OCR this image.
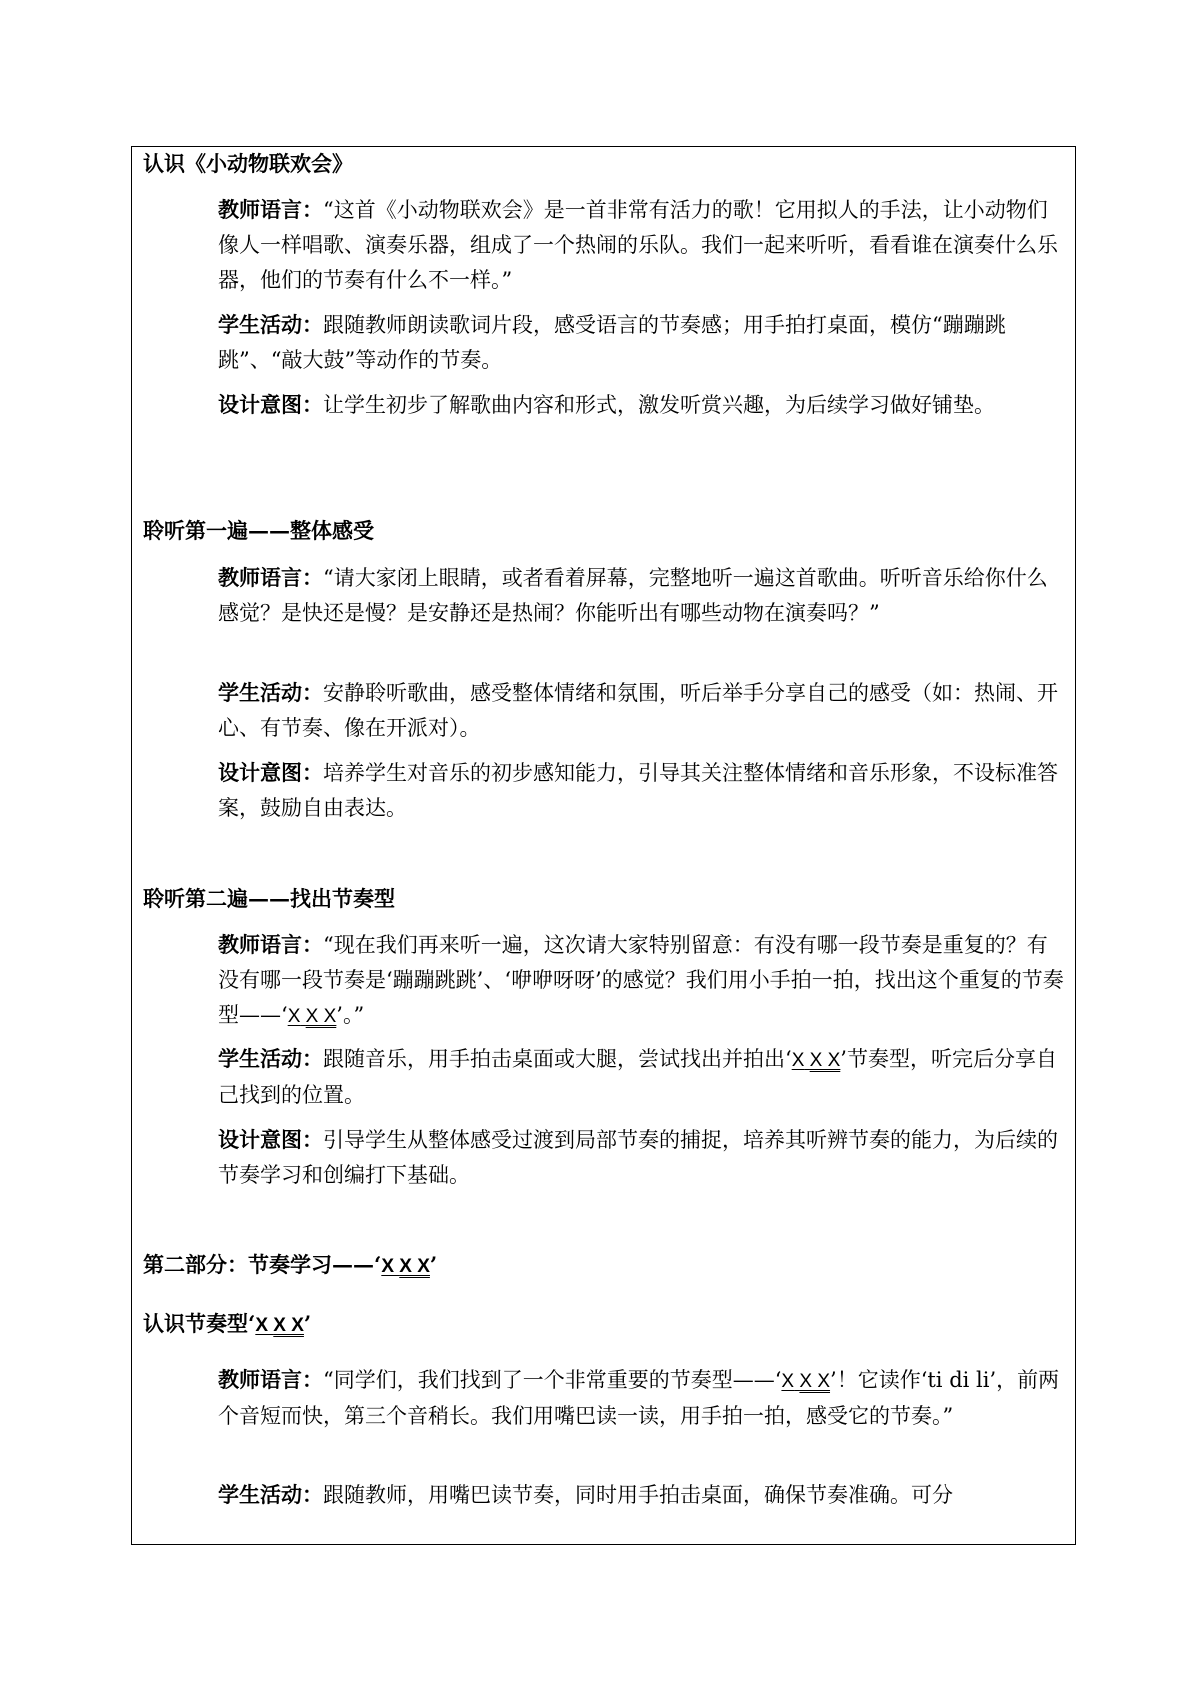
认识《小动物联欢会》
教师语言：“这首《小动物联欢会》是一首非常有活力的歌！它用拟人的手法，让小动物们像人一样唱歌、演奏乐器，组成了一个热闹的乐队。我们一起来听听，看看谁在演奏什么乐器，他们的节奏有什么不一样。”
学生活动：跟随教师朗读歌词片段，感受语言的节奏感；用手拍打桌面，模仿“蹦蹦跳跳”、“敲大鼓”等动作的节奏。
设计意图：让学生初步了解歌曲内容和形式，激发听赏兴趣，为后续学习做好铺垫。
聆听第一遍——整体感受
教师语言：“请大家闭上眼睛，或者看着屏幕，完整地听一遍这首歌曲。听听音乐给你什么感觉？是快还是慢？是安静还是热闹？你能听出有哪些动物在演奏吗？”
学生活动：安静聆听歌曲，感受整体情绪和氛围，听后举手分享自己的感受（如：热闹、开心、有节奏、像在开派对）。
设计意图：培养学生对音乐的初步感知能力，引导其关注整体情绪和音乐形象，不设标准答案，鼓励自由表达。
聆听第二遍——找出节奏型
教师语言：“现在我们再来听一遍，这次请大家特别留意：有没有哪一段节奏是重复的？有没有哪一段节奏是‘蹦蹦跳跳’、‘咿咿呀呀’的感觉？我们用小手拍一拍，找出这个重复的节奏型——‘X X X’。”
学生活动：跟随音乐，用手拍击桌面或大腿，尝试找出并拍出‘X X X’节奏型，听完后分享自己找到的位置。
设计意图：引导学生从整体感受过渡到局部节奏的捕捉，培养其听辨节奏的能力，为后续的节奏学习和创编打下基础。
第二部分：节奏学习——‘X X X’
认识节奏型‘X X X’
教师语言：“同学们，我们找到了一个非常重要的节奏型——‘X X X’！它读作‘ti di li’，前两个音短而快，第三个音稍长。我们用嘴巴读一读，用手拍一拍，感受它的节奏。”
学生活动：跟随教师，用嘴巴读节奏，同时用手拍击桌面，确保节奏准确。可分
